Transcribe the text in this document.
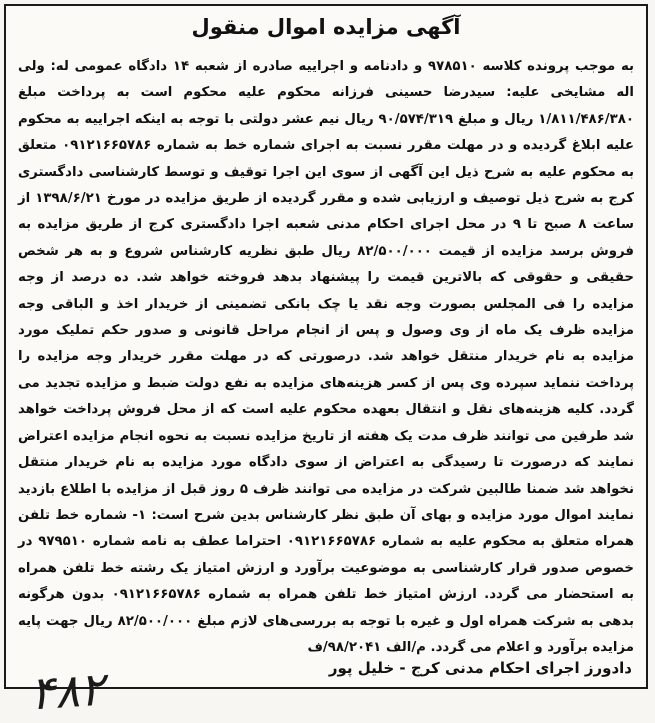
آگهی مزایده اموال منقول

به موجب پرونده کلاسه ۹۷۸۵۱۰ و دادنامه و اجراییه صادره از شعبه ۱۴ دادگاه عمومی له: ولی اله مشایخی علیه: سیدرضا حسینی فرزانه محکوم علیه محکوم است به پرداخت مبلغ ۱/۸۱۱/۴۸۶/۳۸۰ ریال و مبلغ ۹۰/۵۷۴/۳۱۹ ریال نیم عشر دولتی با توجه به اینکه اجراییه به محکوم علیه ابلاغ گردیده و در مهلت مقرر نسبت به اجرای شماره خط به شماره ۰۹۱۲۱۶۶۵۷۸۶ متعلق به محکوم علیه به شرح ذیل این آگهی از سوی این اجرا توقیف و توسط کارشناسی دادگستری کرج به شرح ذیل توصیف و ارزیابی شده و مقرر گردیده از طریق مزایده در مورخ ۱۳۹۸/۶/۲۱ از ساعت ۸ صبح تا ۹ در محل اجرای احکام مدنی شعبه اجرا دادگستری کرج از طریق مزایده به فروش برسد مزایده از قیمت ۸۲/۵۰۰/۰۰۰ ریال طبق نظریه کارشناس شروع و به هر شخص حقیقی و حقوقی که بالاترین قیمت را پیشنهاد بدهد فروخته خواهد شد. ده درصد از وجه مزایده را فی المجلس بصورت وجه نقد یا چک بانکی تضمینی از خریدار اخذ و الباقی وجه مزایده ظرف یک ماه از وی وصول و پس از انجام مراحل قانونی و صدور حکم تملیک مورد مزایده به نام خریدار منتقل خواهد شد. درصورتی که در مهلت مقرر خریدار وجه مزایده را پرداخت ننماید سپرده وی پس از کسر هزینه‌های مزایده به نفع دولت ضبط و مزایده تجدید می گردد. کلیه هزینه‌های نقل و انتقال بعهده محکوم علیه است که از محل فروش پرداخت خواهد شد طرفین می توانند ظرف مدت یک هفته از تاریخ مزایده نسبت به نحوه انجام مزایده اعتراض نمایند که درصورت تا رسیدگی به اعتراض از سوی دادگاه مورد مزایده به نام خریدار منتقل نخواهد شد ضمنا طالبین شرکت در مزایده می توانند ظرف ۵ روز قبل از مزایده با اطلاع بازدید نمایند اموال مورد مزایده و بهای آن طبق نظر کارشناس بدین شرح است: ۱- شماره خط تلفن همراه متعلق به محکوم علیه به شماره ۰۹۱۲۱۶۶۵۷۸۶ احتراما عطف به نامه شماره ۹۷۹۵۱۰ در خصوص صدور قرار کارشناسی به موضوعیت برآورد و ارزش امتیاز یک رشته خط تلفن همراه به استحضار می گردد. ارزش امتیاز خط تلفن همراه به شماره ۰۹۱۲۱۶۶۵۷۸۶ بدون هرگونه بدهی به شرکت همراه اول و غیره با توجه به بررسی‌های لازم مبلغ ۸۲/۵۰۰/۰۰۰ ریال جهت پایه مزایده برآورد و اعلام می گردد. م/الف ۹۸/۲۰۴۱/ف

دادورز اجرای احکام مدنی کرج - خلیل پور

۴۸۲
